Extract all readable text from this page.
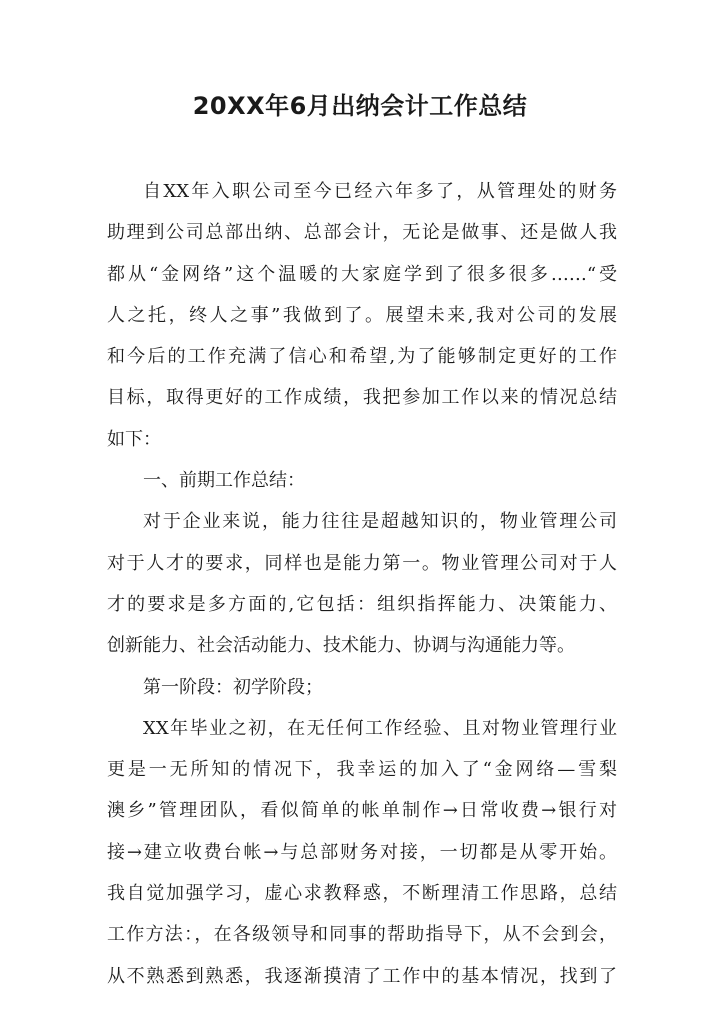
20XX年6月出纳会计工作总结
自XX年入职公司至今已经六年多了，从管理处的财务
助理到公司总部出纳、总部会计，无论是做事、还是做人我
都从“金网络”这个温暖的大家庭学到了很多很多……“受
人之托，终人之事”我做到了。展望未来,我对公司的发展
和今后的工作充满了信心和希望,为了能够制定更好的工作
目标，取得更好的工作成绩，我把参加工作以来的情况总结
如下：
一、前期工作总结：
对于企业来说，能力往往是超越知识的，物业管理公司
对于人才的要求，同样也是能力第一。物业管理公司对于人
才的要求是多方面的,它包括：组织指挥能力、决策能力、
创新能力、社会活动能力、技术能力、协调与沟通能力等。
第一阶段：初学阶段；
XX年毕业之初，在无任何工作经验、且对物业管理行业
更是一无所知的情况下，我幸运的加入了“金网络—雪梨
澳乡”管理团队，看似简单的帐单制作→日常收费→银行对
接→建立收费台帐→与总部财务对接，一切都是从零开始。
我自觉加强学习，虚心求教释惑，不断理清工作思路，总结
工作方法：，在各级领导和同事的帮助指导下，从不会到会，
从不熟悉到熟悉，我逐渐摸清了工作中的基本情况，找到了
